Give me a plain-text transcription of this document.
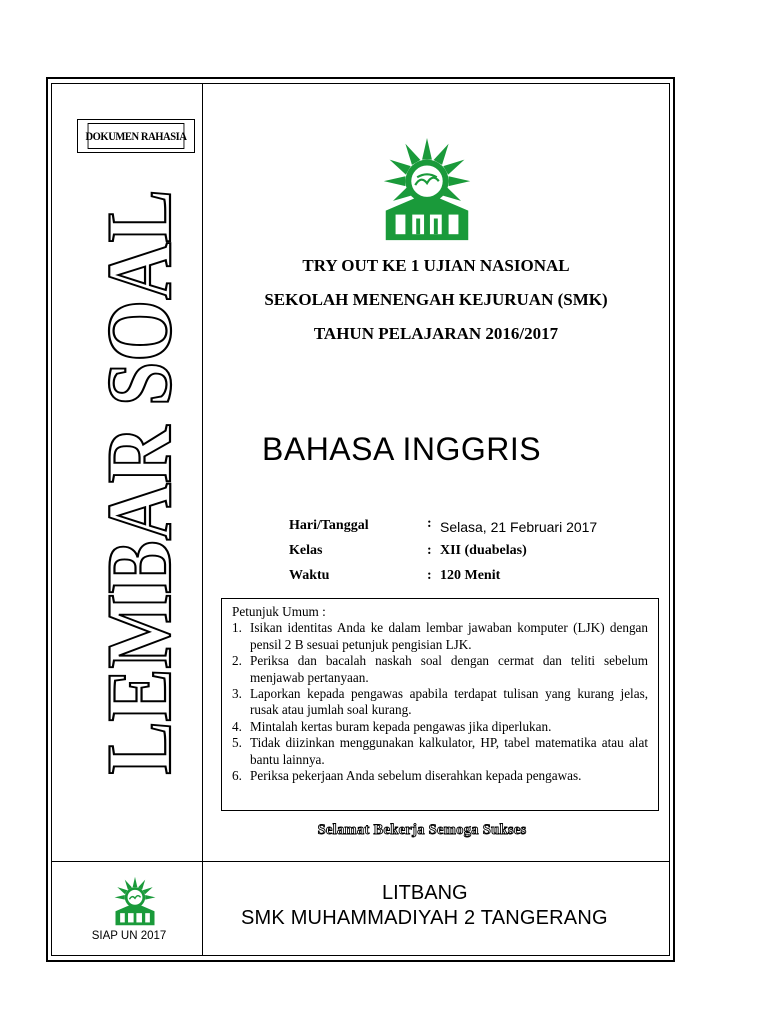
DOKUMEN RAHASIA
LEMBAR SO	TRY OUT KE 1 UJIAN NASIONAL
SEKOLAH MENENGAH KEJURUAN (SMK)
TAHUN PELAJARAN 2016/2017
BAHASA INGGRIS
Hari/Tanggal	: Selasa, 21 Februari 2017
Kelas	: XII (duabelas)
Waktu	: 120 Menit
Petunjuk Umum :
1. Isikan identitas Anda ke dalam lembar jawaban komputer (LJK) dengan pensil 2 B sesuai petunjuk pengisian LJK.
2. Periksa dan bacalah naskah soal dengan cermat dan teliti sebelum menjawab pertanyaan.
3. Laporkan kepada pengawas apabila terdapat tulisan yang kurang jelas, rusak atau jumlah soal kurang.
4. Mintalah kertas buram kepada pengawas jika diperlukan.
5. Tidak diizinkan menggunakan kalkulator, HP, tabel matematika atau alat bantu lainnya.
6. Periksa pekerjaan Anda sebelum diserahkan kepada pengawas.
Selamat Bekerja Semoga Sukses
SIAP UN 2017
LITBANG
SMK MUHAMMADIYAH 2 TANGERANG
